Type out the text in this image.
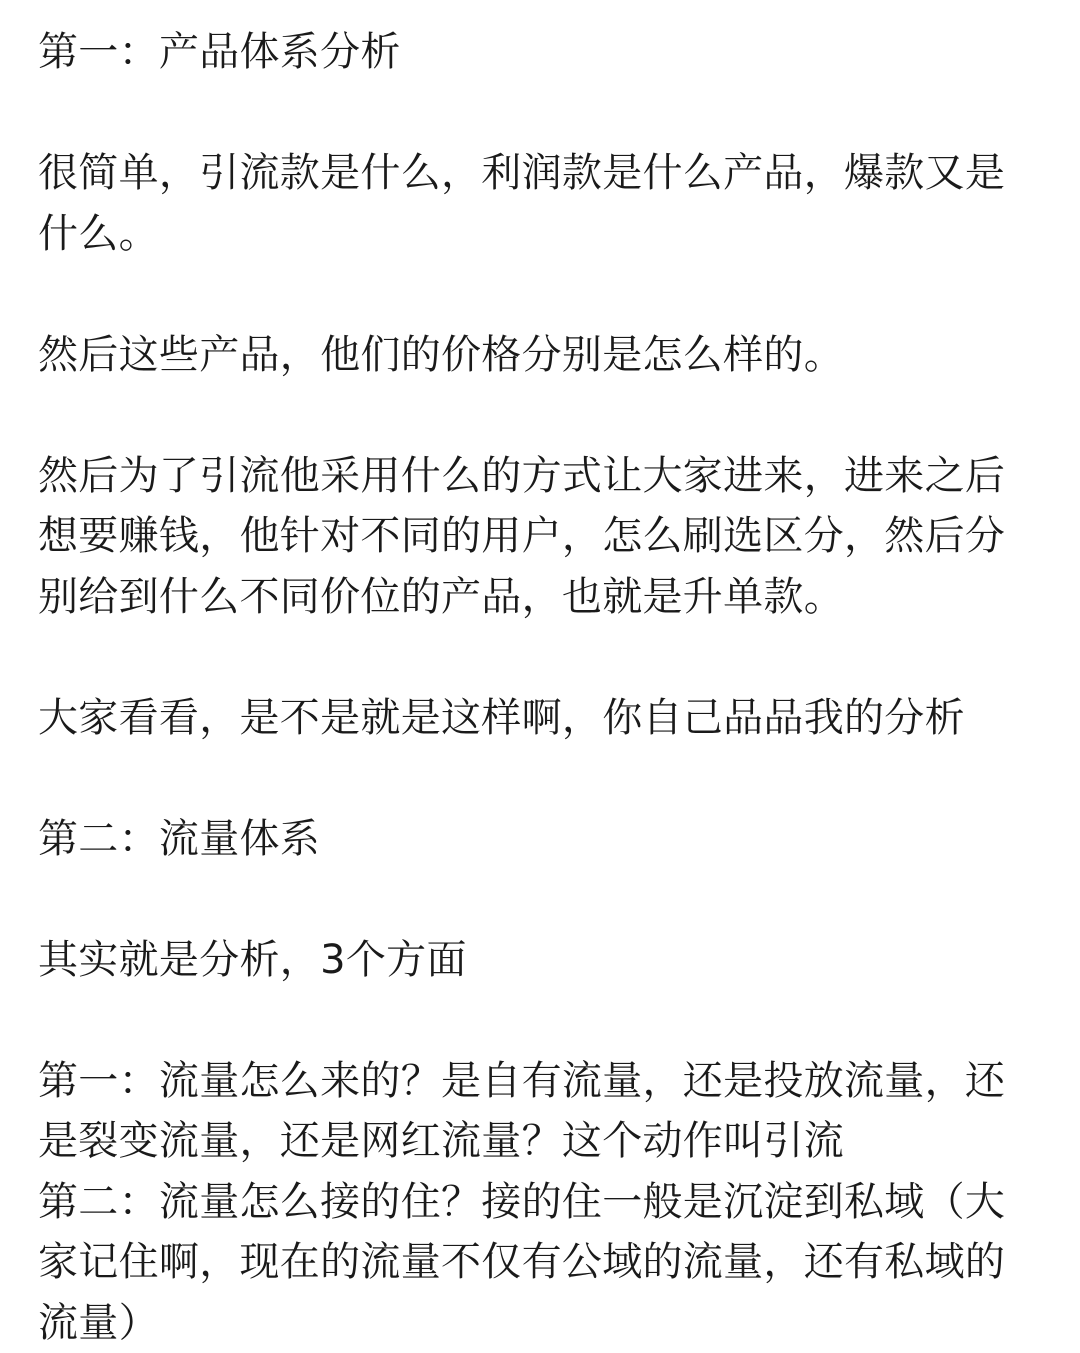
第一：产品体系分析

很简单，引流款是什么，利润款是什么产品，爆款又是什么。

然后这些产品，他们的价格分别是怎么样的。

然后为了引流他采用什么的方式让大家进来，进来之后想要赚钱，他针对不同的用户，怎么刷选区分，然后分别给到什么不同价位的产品，也就是升单款。

大家看看，是不是就是这样啊，你自己品品我的分析

第二：流量体系

其实就是分析，3个方面

第一：流量怎么来的？是自有流量，还是投放流量，还是裂变流量，还是网红流量？这个动作叫引流

第二：流量怎么接的住？接的住一般是沉淀到私域（大家记住啊，现在的流量不仅有公域的流量，还有私域的流量）
